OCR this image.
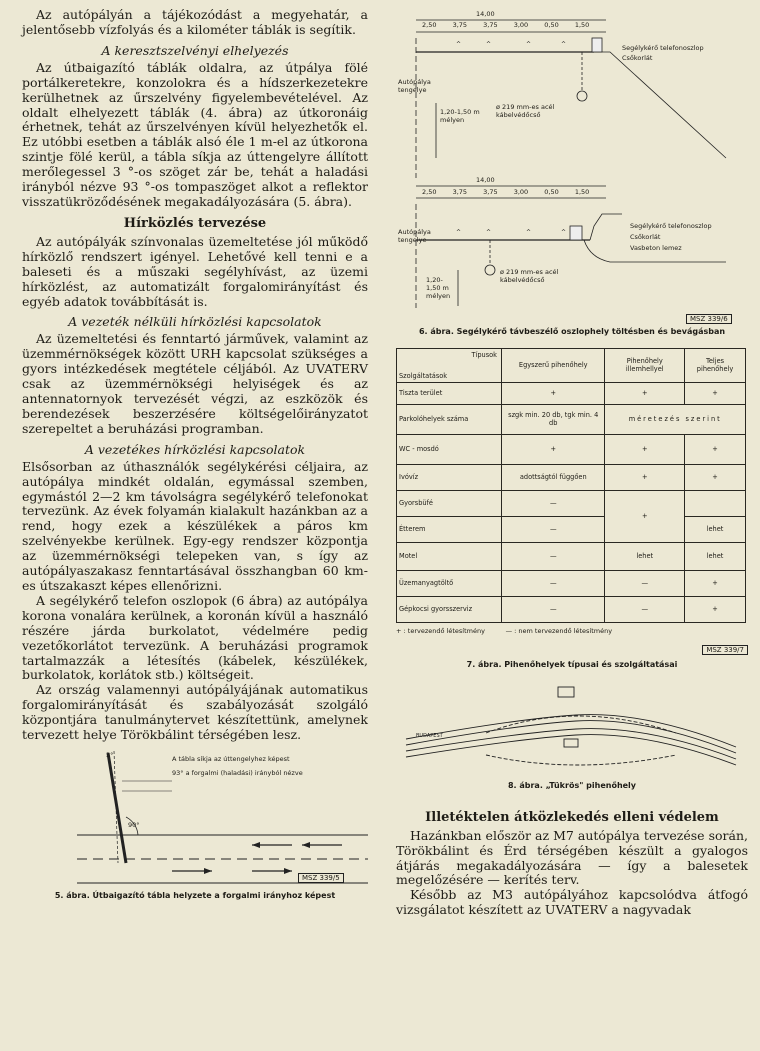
Az autópályán a tájékozódást a megyehatár, a jelentősebb vízfolyás és a kilométer táblák is segítik.

A keresztszelvényi elhelyezés

Az útbaigazító táblák oldalra, az útpálya fölé portálkeretekre, konzolokra és a hídszerkezetekre kerülhetnek az űrszelvény figyelembevételével. Az oldalt elhelyezett táblák (4. ábra) az útkoronáig érhetnek, tehát az űrszelvényen kívül helyezhetők el. Ez utóbbi esetben a táblák alsó éle 1 m-el az útkorona szintje fölé kerül, a tábla síkja az úttengelyre állított merőlegessel 3 °-os szöget zár be, tehát a haladási irányból nézve 93 °-os tompaszöget alkot a reflektor visszatükröződésének megakadályozására (5. ábra).

Hírközlés tervezése

Az autópályák színvonalas üzemeltetése jól működő hírközlő rendszert igényel. Lehetővé kell tenni e a baleseti és a műszaki segélyhívást, az üzemi hírközlést, az automatizált forgalomirányítást és egyéb adatok továbbítását is.

A vezeték nélküli hírközlési kapcsolatok

Az üzemeltetési és fenntartó járművek, valamint az üzemmérnökségek között URH kapcsolat szükséges a gyors intézkedések megtétele céljából. Az UVATERV csak az üzemmérnökségi helyiségek és az antennatornyok tervezését végzi, az eszközök és berendezések beszerzésére költségelőirányzatot szerepeltet a beruházási programban.

A vezetékes hírközlési kapcsolatok

Elsősorban az úthasználók segélykérési céljaira, az autópálya mindkét oldalán, egymással szemben, egymástól 2—2 km távolságra segélykérő telefonokat tervezünk. Az évek folyamán kialakult hazánkban az a rend, hogy ezek a készülékek a páros km szelvényekbe kerülnek. Egy-egy rendszer központja az üzemmérnökségi telepeken van, s így az autópályaszakasz fenntartásával összhangban 60 km-es útszakaszt képes ellenőrizni.

A segélykérő telefon oszlopok (6 ábra) az autópálya korona vonalára kerülnek, a koronán kívül a használó részére járda burkolatot, védelmére pedig vezetőkorlátot tervezünk. A beruházási programok tartalmazzák a létesítés (kábelek, készülékek, burkolatok, korlátok stb.) költségeit.

Az ország valamennyi autópályájának automatikus forgalomirányítását és szabályozását szolgáló központjára tanulmánytervet készítettünk, amelynek tervezett helye Törökbálint térségében lesz.

A tábla síkja az úttengelyhez képest
93° a forgalmi (haladási) irányból nézve
3°
90°
MSZ 339/5

5. ábra. Útbaigazító tábla helyzete a forgalmi irányhoz képest

^	^	^	^
^	^	^	^
14,00
2,50 3,75 3,75 3,00 0,50 1,50
Segélykérő telefonoszlop
Csőkorlát
ø 219 mm-es acél kábelvédőcső
1,20-1,50 m mélyen
Autópálya tengelye
14,00
2,50 3,75 3,75 3,00 0,50 1,50
Segélykérő telefonoszlop
Csőkorlát
Vasbeton lemez
ø 219 mm-es acél kábelvédőcső
1,20-1,50 m mélyen
Autópálya tengelye
MSZ 339/6

6. ábra. Segélykérő távbeszélő oszlophely töltésben és bevágásban

Típusok
Szolgáltatások	Egyszerű pihenőhely	Pihenőhely illemhellyel	Teljes pihenőhely
Tiszta terület	+	+	+
Parkolóhelyek száma	szgk min. 20 db, tgk min. 4 db	méretezés szerint	
WC - mosdó	+	+	+
Ivóvíz	adottságtól függően	+	+
Gyorsbüfé	—	+	
Étterem	—		lehet
Motel	—	lehet	lehet
Üzemanyagtöltő	—	—	+
Gépkocsi gyorsszerviz	—	—	+
+ : tervezendő létesítmény          — : nem tervezendő létesítmény
MSZ 339/7

7. ábra. Pihenőhelyek típusai és szolgáltatásai

BUDAPEST

8. ábra. „Tükrös" pihenőhely

Illetéktelen átközlekedés elleni védelem

Hazánkban először az M7 autópálya tervezése során, Törökbálint és Érd térségében készült a gyalogos átjárás megakadályozására — így a balesetek megelőzésére — kerítés terv.

Később az M3 autópályához kapcsolódva átfogó vizsgálatot készített az UVATERV a nagyvadak
